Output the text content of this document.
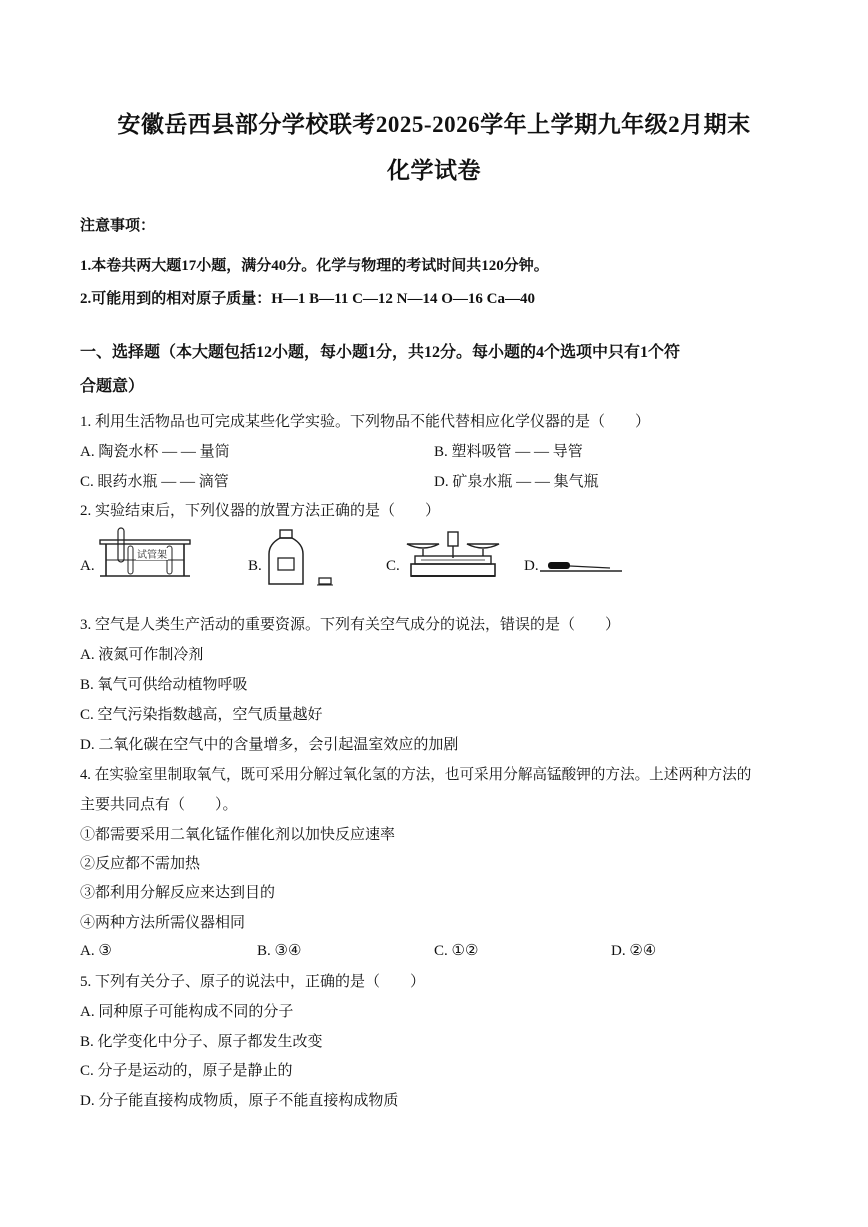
安徽岳西县部分学校联考2025-2026学年上学期九年级2月期末
化学试卷
注意事项：
1.本卷共两大题17小题，满分40分。化学与物理的考试时间共120分钟。
2.可能用到的相对原子质量：H—1 B—11 C—12 N—14 O—16 Ca—40
一、选择题（本大题包括12小题，每小题1分，共12分。每小题的4个选项中只有1个符
合题意）
1. 利用生活物品也可完成某些化学实验。下列物品不能代替相应化学仪器的是（　　）
A. 陶瓷水杯 — — 量筒	B. 塑料吸管 — — 导管
C. 眼药水瓶 — — 滴管	D. 矿泉水瓶 — — 集气瓶
2. 实验结束后，下列仪器的放置方法正确的是（　　）
A.
试管架
B.	C.	D.
3. 空气是人类生产活动的重要资源。下列有关空气成分的说法，错误的是（　　）
A. 液氮可作制冷剂
B. 氧气可供给动植物呼吸
C. 空气污染指数越高，空气质量越好
D. 二氧化碳在空气中的含量增多，会引起温室效应的加剧
4. 在实验室里制取氧气，既可采用分解过氧化氢的方法，也可采用分解高锰酸钾的方法。上述两种方法的
主要共同点有（　　）。
①都需要采用二氧化锰作催化剂以加快反应速率
②反应都不需加热
③都利用分解反应来达到目的
④两种方法所需仪器相同
A. ③	B. ③④	C. ①②	D. ②④
5. 下列有关分子、原子的说法中，正确的是（　　）
A. 同种原子可能构成不同的分子
B. 化学变化中分子、原子都发生改变
C. 分子是运动的，原子是静止的
D. 分子能直接构成物质，原子不能直接构成物质
